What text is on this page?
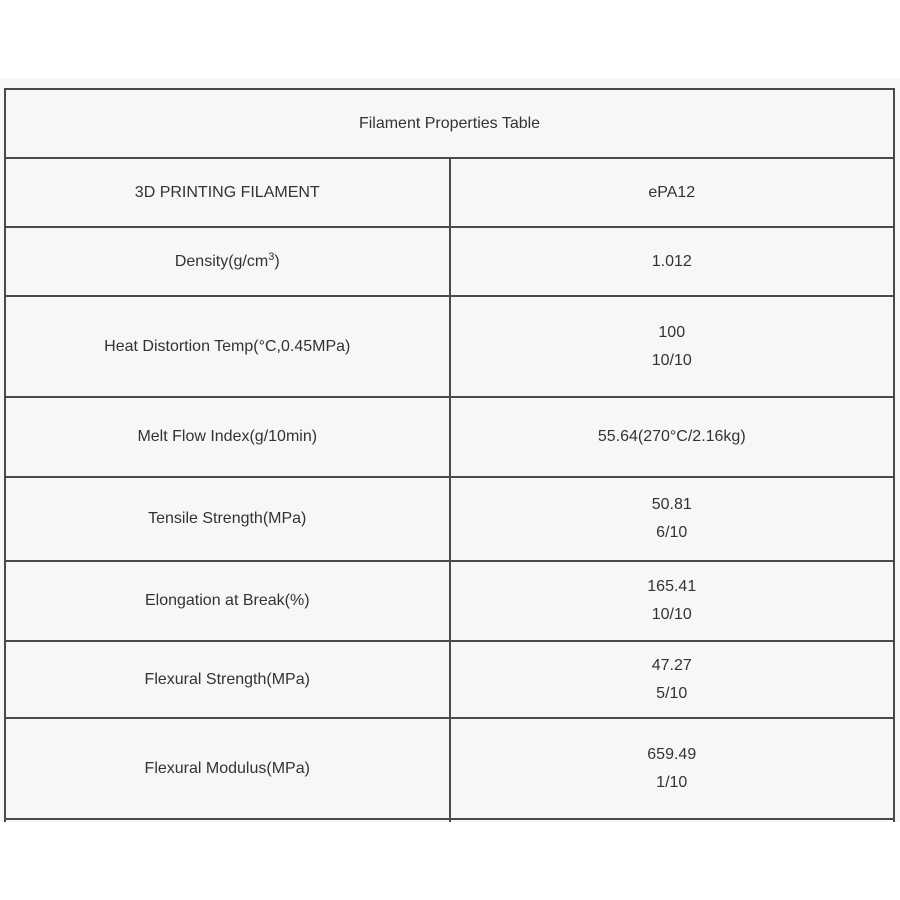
Filament Properties Table	
3D PRINTING FILAMENT	ePA12
$Density(g/cm^3)$	1.012

Heat Distortion Temp(°C,0.45MPa)	100
10/10

Melt Flow Index(g/10min)	55.64(270°C/2.16kg)

Tensile Strength(MPa)	50.81
6/10

Elongation at Break(%)	165.41
10/10

Flexural Strength(MPa)	47.27
5/10

Flexural Modulus(MPa)	659.49
1/10
